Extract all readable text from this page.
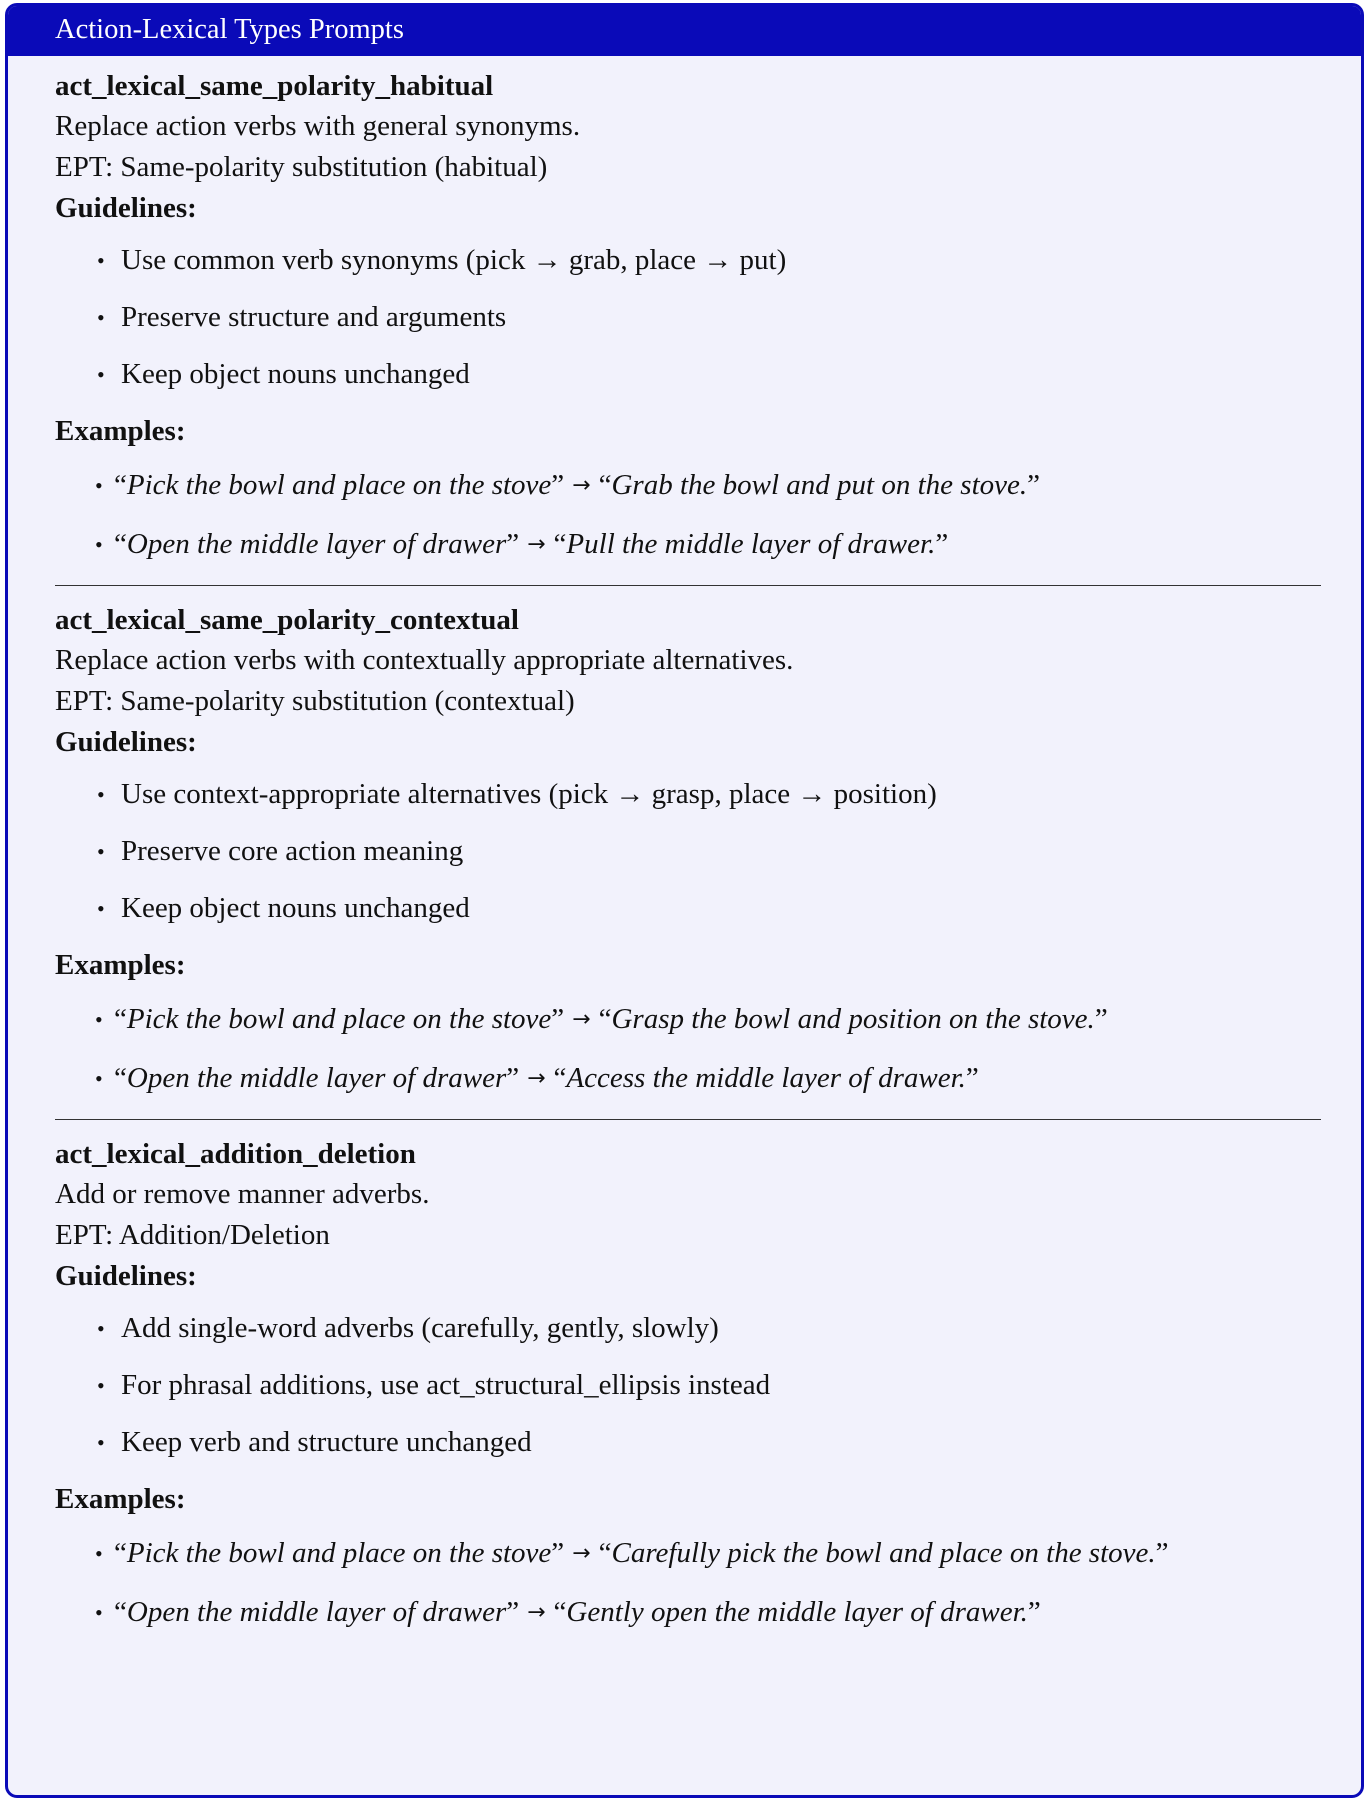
Action-Lexical Types Prompts

act_lexical_same_polarity_habitual

Replace action verbs with general synonyms.

EPT: Same-polarity substitution (habitual)

Guidelines:

• Use common verb synonyms (pick → grab, place → put)
• Preserve structure and arguments
• Keep object nouns unchanged

Examples:

• “Pick the bowl and place on the stove” → “Grab the bowl and put on the stove.”
• “Open the middle layer of drawer” → “Pull the middle layer of drawer.”

act_lexical_same_polarity_contextual

Replace action verbs with contextually appropriate alternatives.

EPT: Same-polarity substitution (contextual)

Guidelines:

• Use context-appropriate alternatives (pick → grasp, place → position)
• Preserve core action meaning
• Keep object nouns unchanged

Examples:

• “Pick the bowl and place on the stove” → “Grasp the bowl and position on the stove.”
• “Open the middle layer of drawer” → “Access the middle layer of drawer.”

act_lexical_addition_deletion

Add or remove manner adverbs.

EPT: Addition/Deletion

Guidelines:

• Add single-word adverbs (carefully, gently, slowly)
• For phrasal additions, use act_structural_ellipsis instead
• Keep verb and structure unchanged

Examples:

• “Pick the bowl and place on the stove” → “Carefully pick the bowl and place on the stove.”
• “Open the middle layer of drawer” → “Gently open the middle layer of drawer.”
